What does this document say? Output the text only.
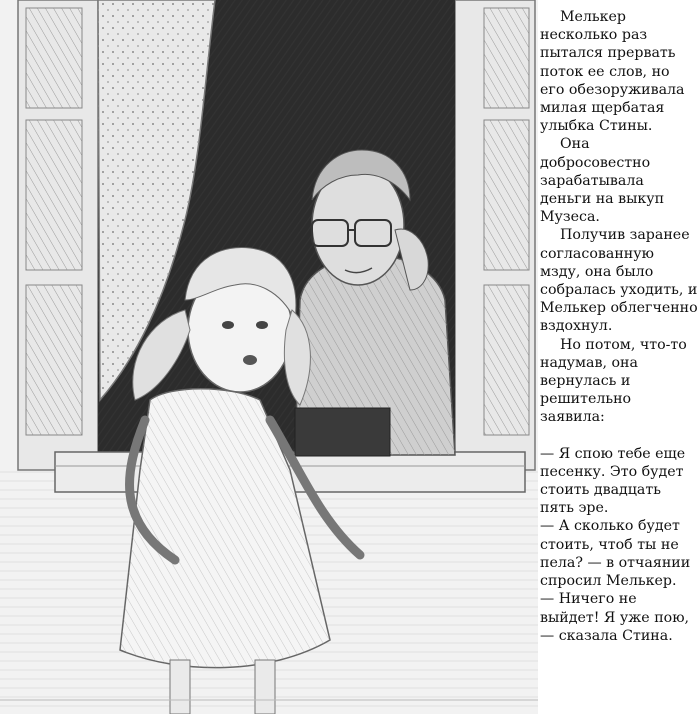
Мелькер несколько раз пытался прервать поток ее слов, но его обезоруживала милая щербатая улыбка Стины.

Она добросовестно зарабатывала деньги на выкуп Музеса.

Получив заранее согласованную мзду, она было собралась уходить, и Мелькер облегченно вздохнул.

Но потом, что-то надумав, она вернулась и решительно заявила:

— Я спою тебе еще песенку. Это будет стоить двадцать пять эре.

— А сколько будет стоить, чтоб ты не пела? — в отчаянии спросил Мелькер.

— Ничего не выйдет! Я уже пою, — сказала Стина.
